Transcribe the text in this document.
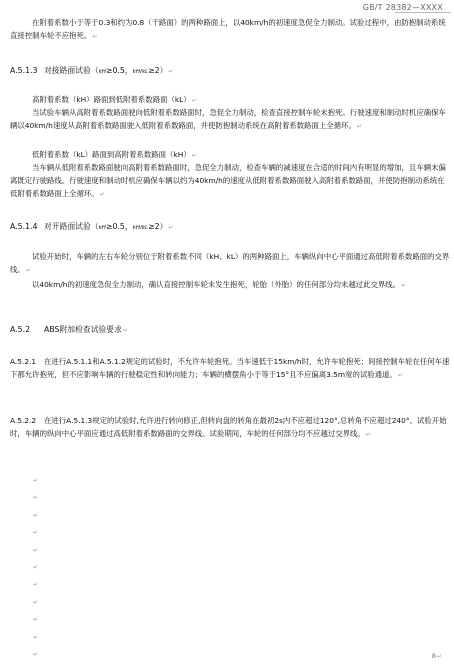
GB/T 28382—XXXX.
在附着系数小于等于0.3和约为0.8（干路面）的两种路面上，以40km/h的初速度急促全力制动。试验过程中，由防抱制动系统直接控制车轮不应抱死。↵
A.5.1.3 对接路面试验（kH≥0.5，kH/kL≥2）↵
高附着系数（kH）路面到低附着系数路面（kL）↵
当试验车辆从高附着系数路面驶向低附着系数路面时，急促全力制动，检查直接控制车轮未抱死。行驶速度和制动时机应确保车辆以40km/h速度从高附着系数路面驶入低附着系数路面，并使防抱制动系统在高附着系数路面上全循环。↵
低附着系数（kL）路面到高附着系数路面（kH）↵
当车辆从低附着系数路面驶向高附着系数路面时，急促全力制动，检查车辆的减速度在合适的时间内有明显的增加，且车辆未偏离既定行驶路线。行驶速度和制动时机应确保车辆以约为40km/h的速度从低附着系数路面驶入高附着系数路面，并使防抱制动系统在低附着系数路面上全循环。↵
A.5.1.4 对开路面试验（kH≥0.5，kH/kL≥2）↵
试验开始时，车辆的左右车轮分别位于附着系数不同（kH、kL）的两种路面上，车辆纵向中心平面通过高低附着系数路面的交界线。↵
以40km/h的初速度急促全力制动，确认直接控制车轮未发生抱死，轮胎（外胎）的任何部分均未越过此交界线。↵
A.5.2 ABS附加检查试验要求↵
A.5.2.1 在进行A.5.1.1和A.5.1.2规定的试验时，不允许车轮抱死。当车速低于15km/h时，允许车轮抱死；间接控制车轮在任何车速下都允许抱死，但不应影响车辆的行驶稳定性和转向能力；车辆的横摆角小于等于15°且不应偏离3.5m宽的试验通道。↵
A.5.2.2 在进行A.5.1.3规定的试验时,允许进行转向修正,但转向盘的转角在最初2s内不应超过120°,总转角不应超过240°。试验开始时，车辆的纵向中心平面应通过高低附着系数路面的交界线。试验期间，车轮的任何部分均不应越过交界线。↵
↵
↵
↵
↵
↵
↵
↵
↵
↵
↵
↵	8↵
